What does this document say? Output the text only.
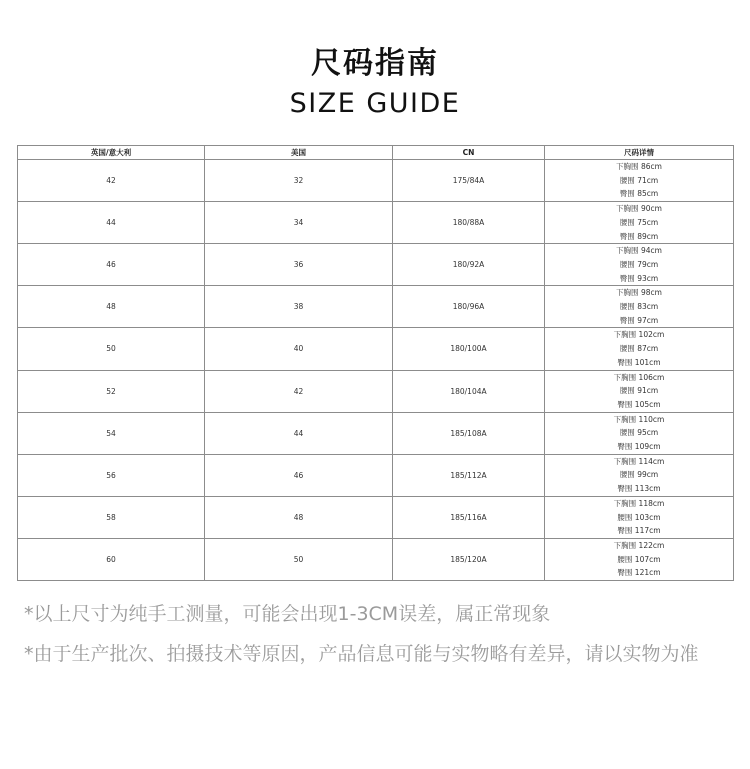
尺码指南
SIZE GUIDE
英国/意大利	美国	CN	尺码详情
42	32	175/84A	下胸围 86cm
腰围 71cm
臀围 85cm

44	34	180/88A	下胸围 90cm
腰围 75cm
臀围 89cm

46	36	180/92A	下胸围 94cm
腰围 79cm
臀围 93cm

48	38	180/96A	下胸围 98cm
腰围 83cm
臀围 97cm

50	40	180/100A	下胸围 102cm
腰围 87cm
臀围 101cm

52	42	180/104A	下胸围 106cm
腰围 91cm
臀围 105cm

54	44	185/108A	下胸围 110cm
腰围 95cm
臀围 109cm

56	46	185/112A	下胸围 114cm
腰围 99cm
臀围 113cm

58	48	185/116A	下胸围 118cm
腰围 103cm
臀围 117cm

60	50	185/120A	下胸围 122cm
腰围 107cm
臀围 121cm
*以上尺寸为纯手工测量，可能会出现1-3CM误差，属正常现象
*由于生产批次、拍摄技术等原因，产品信息可能与实物略有差异，请以实物为准
